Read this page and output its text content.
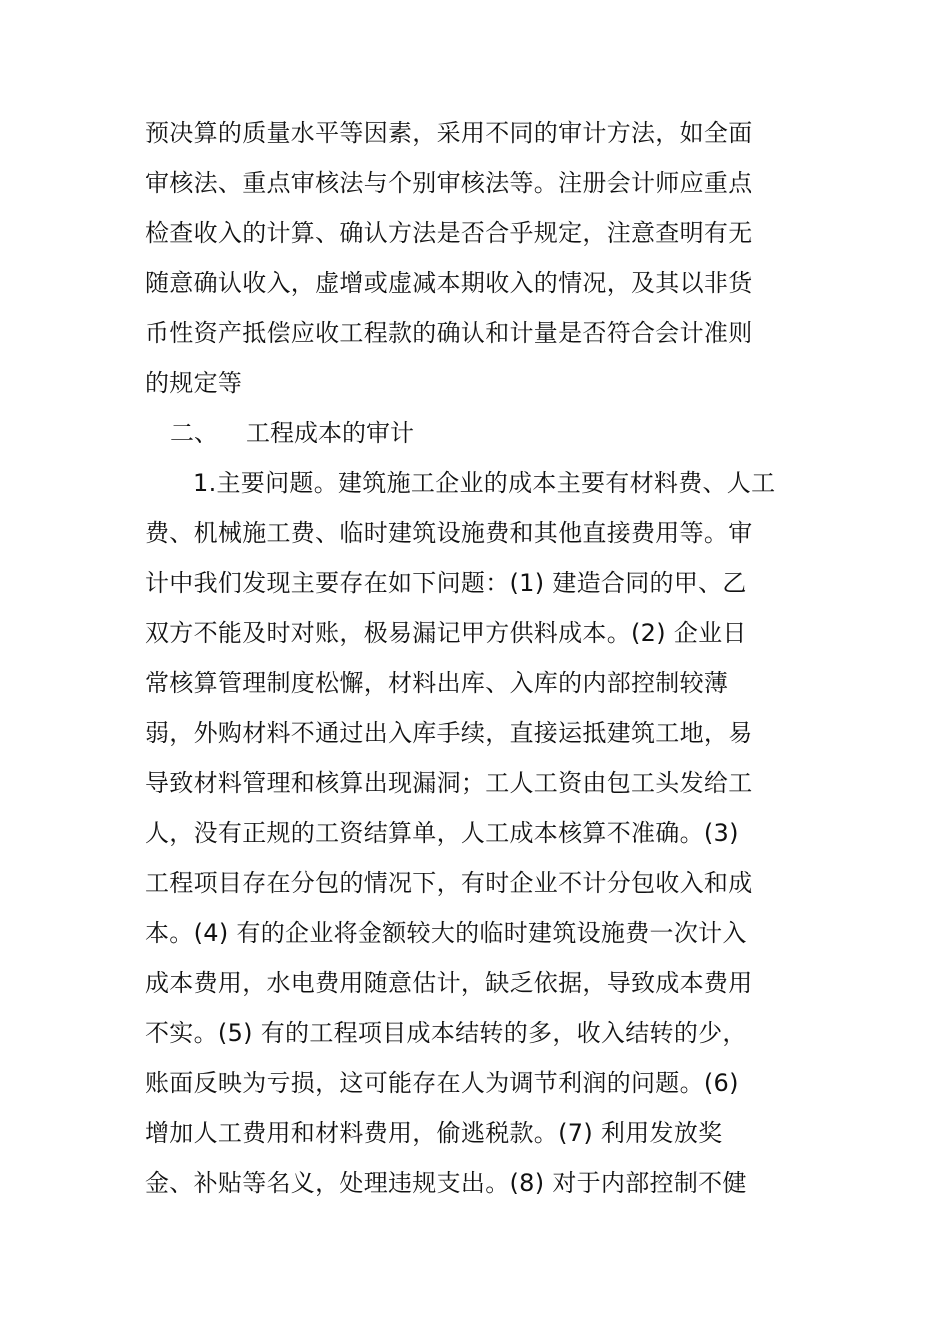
预决算的质量水平等因素，采用不同的审计方法，如全面
审核法、重点审核法与个别审核法等。注册会计师应重点
检查收入的计算、确认方法是否合乎规定，注意查明有无
随意确认收入，虚增或虚减本期收入的情况，及其以非货
币性资产抵偿应收工程款的确认和计量是否符合会计准则
的规定等
二、 工程成本的审计
1.主要问题。建筑施工企业的成本主要有材料费、人工
费、机械施工费、临时建筑设施费和其他直接费用等。审
计中我们发现主要存在如下问题：(1) 建造合同的甲、乙
双方不能及时对账，极易漏记甲方供料成本。(2) 企业日
常核算管理制度松懈，材料出库、入库的内部控制较薄
弱，外购材料不通过出入库手续，直接运抵建筑工地，易
导致材料管理和核算出现漏洞；工人工资由包工头发给工
人，没有正规的工资结算单，人工成本核算不准确。(3)
工程项目存在分包的情况下，有时企业不计分包收入和成
本。(4) 有的企业将金额较大的临时建筑设施费一次计入
成本费用，水电费用随意估计，缺乏依据，导致成本费用
不实。(5) 有的工程项目成本结转的多，收入结转的少，
账面反映为亏损，这可能存在人为调节利润的问题。(6)
增加人工费用和材料费用，偷逃税款。(7) 利用发放奖
金、补贴等名义，处理违规支出。(8) 对于内部控制不健
